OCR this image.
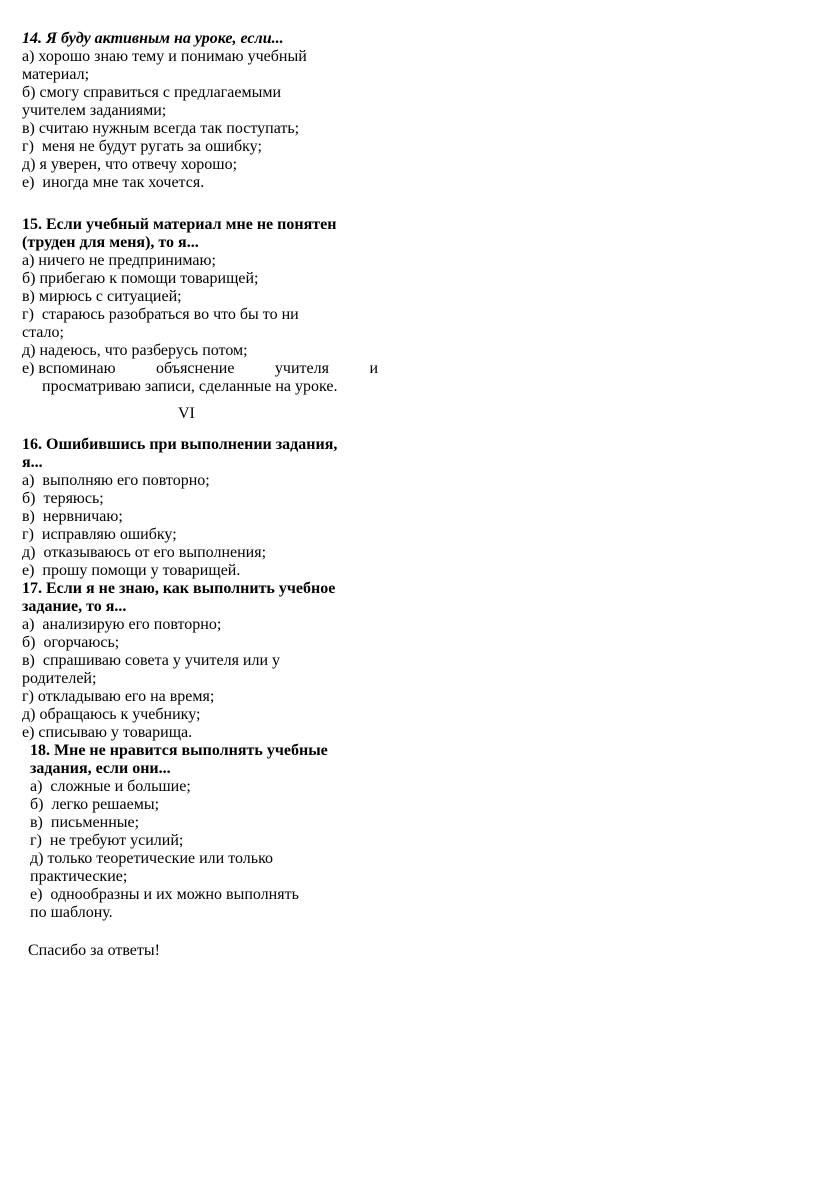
14. Я буду активным на уроке, если...
а) хорошо знаю тему и понимаю учебный
материал;
б) смогу справиться с предлагаемыми
учителем заданиями;
в) считаю нужным всегда так поступать;
г)  меня не будут ругать за ошибку;
д) я уверен, что отвечу хорошо;
е)  иногда мне так хочется.
15. Если учебный материал мне не понятен
(труден для меня), то я...
а) ничего не предпринимаю;
б) прибегаю к помощи товарищей;
в) мирюсь с ситуацией;
г)  стараюсь разобраться во что бы то ни
стало;
д) надеюсь, что разберусь потом;
е) вспоминаю	объяснение	учителя	и
просматриваю записи, сделанные на уроке.
16. Ошибившись при выполнении задания,
я...
а)  выполняю его повторно;
б)  теряюсь;
в)  нервничаю;
г)  исправляю ошибку;
д)  отказываюсь от его выполнения;
е)  прошу помощи у товарищей.
17. Если я не знаю, как выполнить учебное
задание, то я...
а)  анализирую его повторно;
б)  огорчаюсь;
в)  спрашиваю совета у учителя или у
родителей;
г) откладываю его на время;
д) обращаюсь к учебнику;
е) списываю у товарища.
18. Мне не нравится выполнять учебные
задания, если они...
а)  сложные и большие;
б)  легко решаемы;
в)  письменные;
г)  не требуют усилий;
д) только теоретические или только
практические;
е)  однообразны и их можно выполнять
по шаблону.
Спасибо за ответы!
VI
